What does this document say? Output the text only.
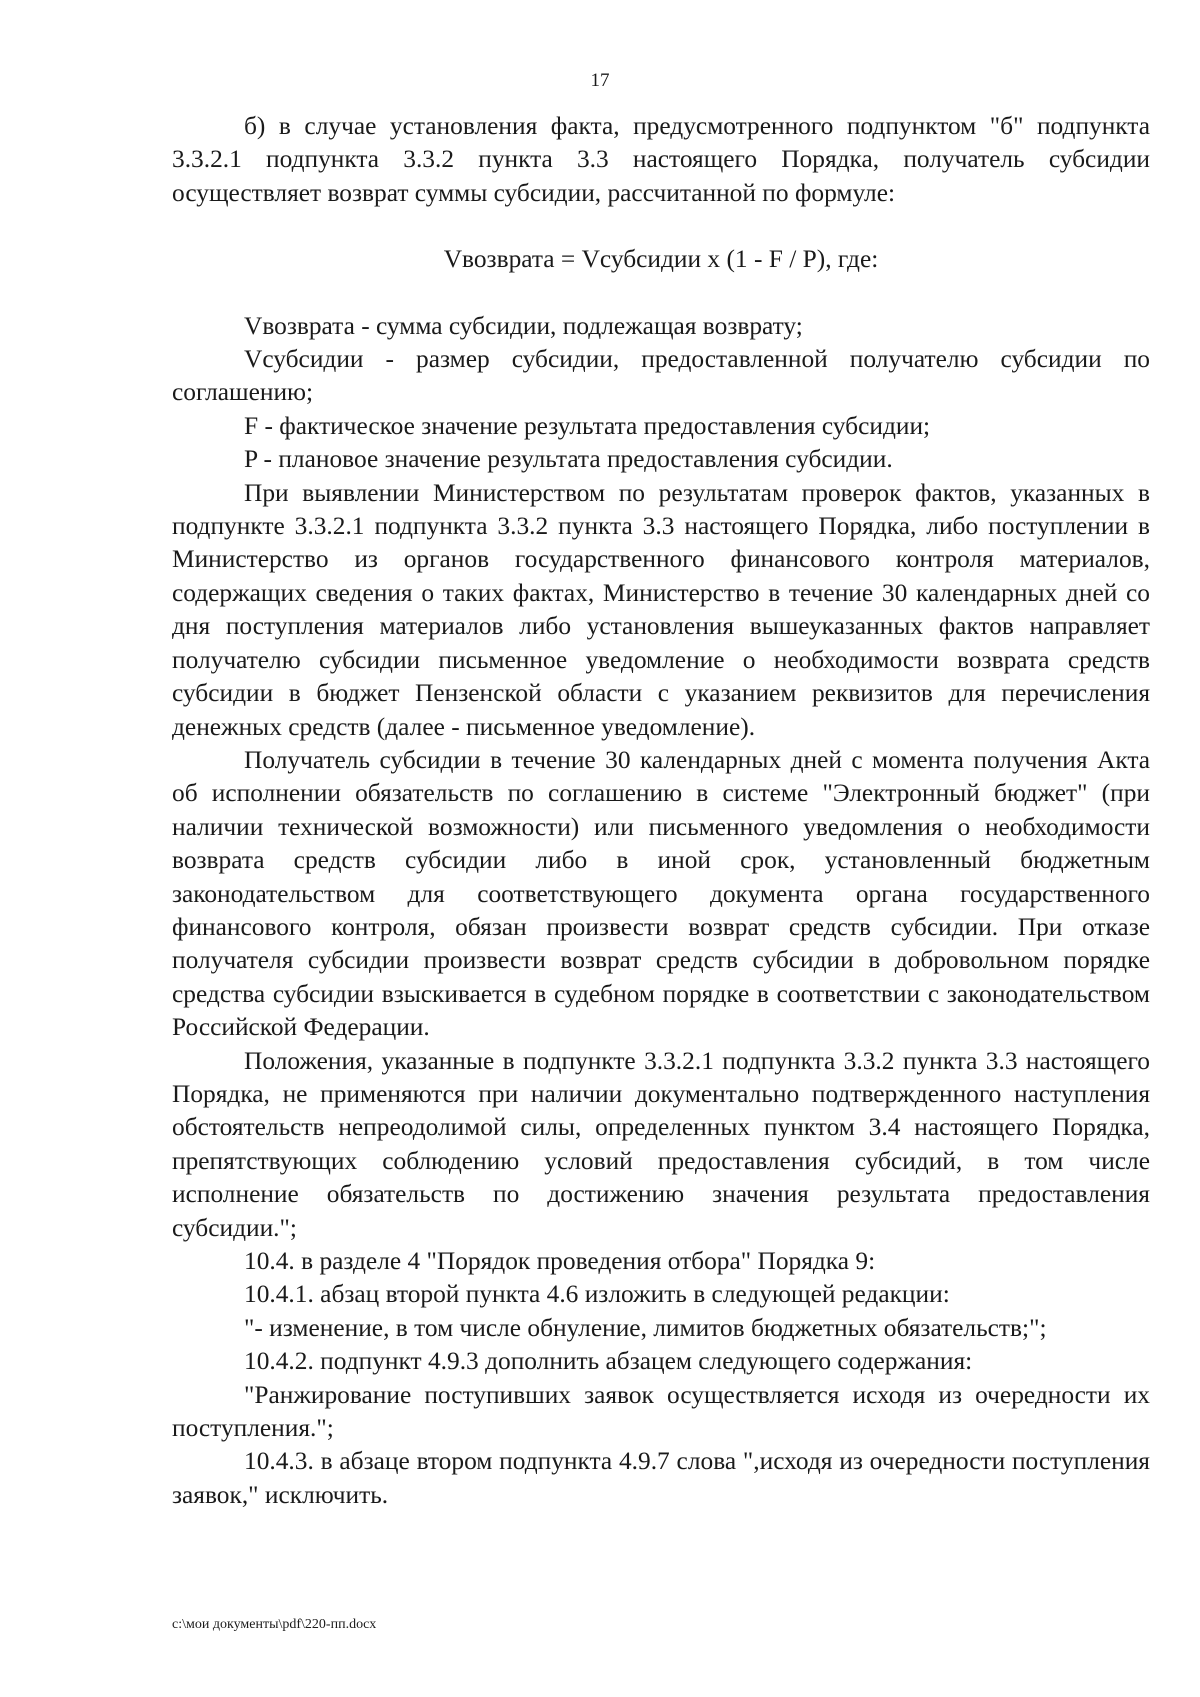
17

б) в случае установления факта, предусмотренного подпунктом "б" подпункта 3.3.2.1 подпункта 3.3.2 пункта 3.3 настоящего Порядка, получатель субсидии осуществляет возврат суммы субсидии, рассчитанной по формуле:

Vвозврата = Vсубсидии x (1 - F / P), где:

Vвозврата - сумма субсидии, подлежащая возврату;

Vсубсидии - размер субсидии, предоставленной получателю субсидии по соглашению;

F - фактическое значение результата предоставления субсидии;

P - плановое значение результата предоставления субсидии.

При выявлении Министерством по результатам проверок фактов, указанных в подпункте 3.3.2.1 подпункта 3.3.2 пункта 3.3 настоящего Порядка, либо поступлении в Министерство из органов государственного финансового контроля материалов, содержащих сведения о таких фактах, Министерство в течение 30 календарных дней со дня поступления материалов либо установления вышеуказанных фактов направляет получателю субсидии письменное уведомление о необходимости возврата средств субсидии в бюджет Пензенской области с указанием реквизитов для перечисления денежных средств (далее - письменное уведомление).

Получатель субсидии в течение 30 календарных дней с момента получения Акта об исполнении обязательств по соглашению в системе "Электронный бюджет" (при наличии технической возможности) или письменного уведомления о необходимости возврата средств субсидии либо в иной срок, установленный бюджетным законодательством для соответствующего документа органа государственного финансового контроля, обязан произвести возврат средств субсидии. При отказе получателя субсидии произвести возврат средств субсидии в добровольном порядке средства субсидии взыскивается в судебном порядке в соответствии с законодательством Российской Федерации.

Положения, указанные в подпункте 3.3.2.1 подпункта 3.3.2 пункта 3.3 настоящего Порядка, не применяются при наличии документально подтвержденного наступления обстоятельств непреодолимой силы, определенных пунктом 3.4 настоящего Порядка, препятствующих соблюдению условий предоставления субсидий, в том числе исполнение обязательств по достижению значения результата предоставления субсидии.";

10.4. в разделе 4 "Порядок проведения отбора" Порядка 9:

10.4.1. абзац второй пункта 4.6 изложить в следующей редакции:

"- изменение, в том числе обнуление, лимитов бюджетных обязательств;";

10.4.2. подпункт 4.9.3 дополнить абзацем следующего содержания:

"Ранжирование поступивших заявок осуществляется исходя из очередности их поступления.";

10.4.3. в абзаце втором подпункта 4.9.7 слова ",исходя из очередности поступления заявок," исключить.

c:\мои документы\pdf\220-пп.docx
